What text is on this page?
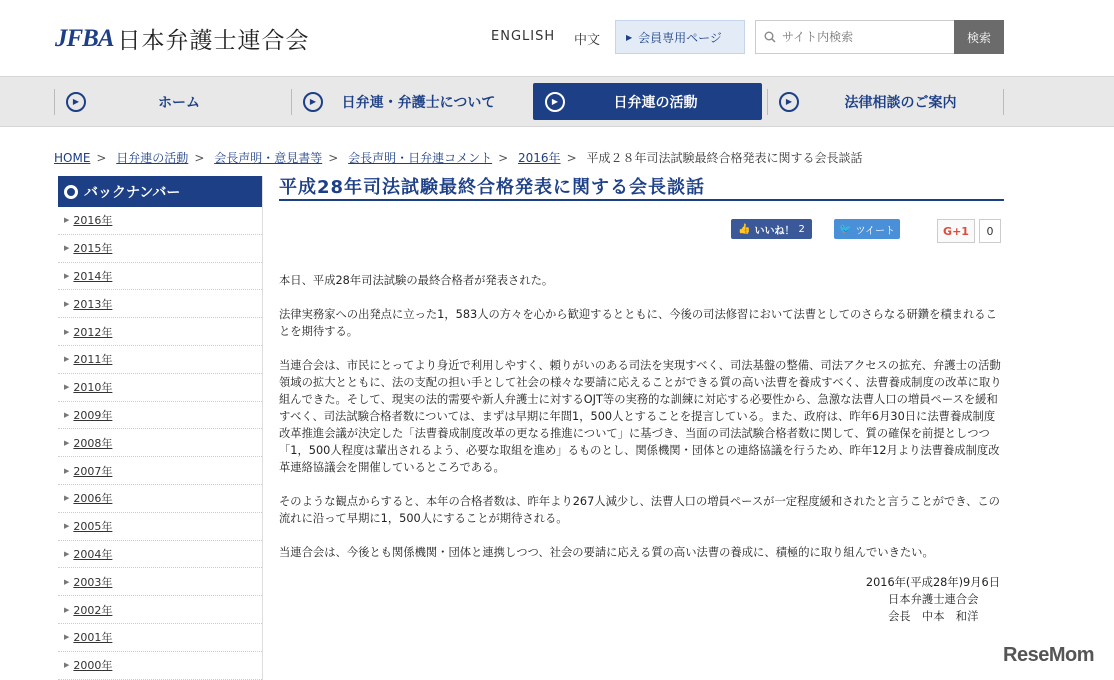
JFBA 日本弁護士連合会	ENGLISH 中文	▶ 会員専用ページ
サイト内検索	検索
▶	ホーム	▶	日弁連・弁護士について	▶	日弁連の活動	▶	法律相談のご案内
HOME > 日弁連の活動 > 会長声明・意見書等 > 会長声明・日弁連コメント > 2016年 > 平成２８年司法試験最終合格発表に関する会長談話
バックナンバー
▶ 2016年
▶ 2015年
▶ 2014年
▶ 2013年
▶ 2012年
▶ 2011年
▶ 2010年
▶ 2009年
▶ 2008年
▶ 2007年
▶ 2006年
▶ 2005年
▶ 2004年
▶ 2003年
▶ 2002年
▶ 2001年
▶ 2000年
平成28年司法試験最終合格発表に関する会長談話
👍 いいね！ 2	🐦 ツイート	G+1	0

本日、平成28年司法試験の最終合格者が発表された。

法律実務家への出発点に立った1，583人の方々を心から歓迎するとともに、今後の司法修習において法曹としてのさらなる研鑽を積まれることを期待する。

当連合会は、市民にとってより身近で利用しやすく、頼りがいのある司法を実現すべく、司法基盤の整備、司法アクセスの拡充、弁護士の活動領域の拡大とともに、法の支配の担い手として社会の様々な要請に応えることができる質の高い法曹を養成すべく、法曹養成制度の改革に取り組んできた。そして、現実の法的需要や新人弁護士に対するOJT等の実務的な訓練に対応する必要性から、急激な法曹人口の増員ペースを緩和すべく、司法試験合格者数については、まずは早期に年間1，500人とすることを提言している。また、政府は、昨年6月30日に法曹養成制度改革推進会議が決定した「法曹養成制度改革の更なる推進について」に基づき、当面の司法試験合格者数に関して、質の確保を前提としつつ「1，500人程度は輩出されるよう、必要な取組を進め」るものとし、関係機関・団体との連絡協議を行うため、昨年12月より法曹養成制度改革連絡協議会を開催しているところである。

そのような観点からすると、本年の合格者数は、昨年より267人減少し、法曹人口の増員ペースが一定程度緩和されたと言うことができ、この流れに沿って早期に1，500人にすることが期待される。

当連合会は、今後とも関係機関・団体と連携しつつ、社会の要請に応える質の高い法曹の養成に、積極的に取り組んでいきたい。

2016年(平成28年)9月6日
日本弁護士連合会
会長　中本　和洋
ReseMom
